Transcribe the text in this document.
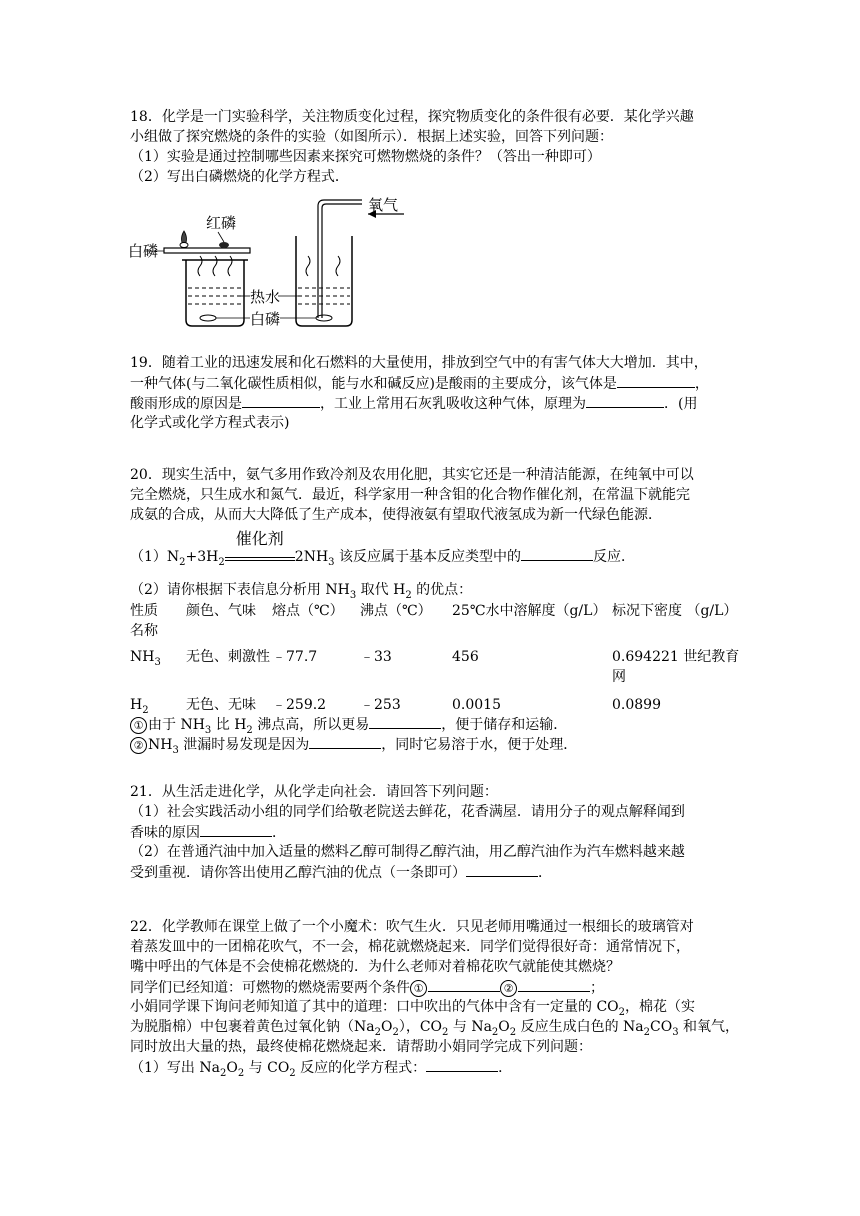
18．化学是一门实验科学，关注物质变化过程，探究物质变化的条件很有必要．某化学兴趣
小组做了探究燃烧的条件的实验（如图所示）．根据上述实验，回答下列问题：
（1）实验是通过控制哪些因素来探究可燃物燃烧的条件？（答出一种即可）
（2）写出白磷燃烧的化学方程式．
白磷
红磷
氧气
热水
白磷
19．随着工业的迅速发展和化石燃料的大量使用，排放到空气中的有害气体大大增加．其中，
一种气体(与二氧化碳性质相似，能与水和碱反应)是酸雨的主要成分，该气体是	，
酸雨形成的原因是	，工业上常用石灰乳吸收这种气体，原理为	．(用
化学式或化学方程式表示)
20．现实生活中，氨气多用作致冷剂及农用化肥，其实它还是一种清洁能源，在纯氧中可以
完全燃烧，只生成水和氮气．最近，科学家用一种含钼的化合物作催化剂，在常温下就能完
成氨的合成，从而大大降低了生产成本，使得液氨有望取代液氢成为新一代绿色能源．
$(1)N_2+3H_2$
催化剂
$2NH_3$ 该反应属于基本反应类型中的	反应．
（2）请你根据下表信息分析用 $NH_3$ 取代 $H_2$ 的优点：
性质	颜色、气味	熔点（℃）	沸点（℃）	25℃水中溶解度（g/L）	标况下密度 （g/L）
名称					
$NH_3$	无色、刺激性	﹣77.7	﹣33	456	0.694221 世纪教育
网
$H_2$	无色、无味	﹣259.2	﹣253	0.0015	0.0899
① 由于 $NH_3$ 比 $H_2$ 沸点高，所以更易	，便于储存和运输．
② $NH_3$ 泄漏时易发现是因为	，同时它易溶于水，便于处理．
21．从生活走进化学，从化学走向社会．请回答下列问题：
（1）社会实践活动小组的同学们给敬老院送去鲜花，花香满屋．请用分子的观点解释闻到
香味的原因	．
（2）在普通汽油中加入适量的燃料乙醇可制得乙醇汽油，用乙醇汽油作为汽车燃料越来越
受到重视．请你答出使用乙醇汽油的优点（一条即可）	．
22．化学教师在课堂上做了一个小魔术：吹气生火．只见老师用嘴通过一根细长的玻璃管对
着蒸发皿中的一团棉花吹气，不一会，棉花就燃烧起来．同学们觉得很好奇：通常情况下，
嘴中呼出的气体是不会使棉花燃烧的．为什么老师对着棉花吹气就能使其燃烧？
同学们已经知道：可燃物的燃烧需要两个条件 ①	②	；
小娟同学课下询问老师知道了其中的道理：口中吹出的气体中含有一定量的 $CO_2$，棉花（实
为脱脂棉）中包裹着黄色过氧化钠$(Na_2O_2)$，$CO_2$ 与 $Na_2O_2$ 反应生成白色的 $Na_2CO_3$ 和氧气，
同时放出大量的热，最终使棉花燃烧起来．请帮助小娟同学完成下列问题：
（1）写出 $Na_2O_2$ 与 $CO_2$ 反应的化学方程式：	．
